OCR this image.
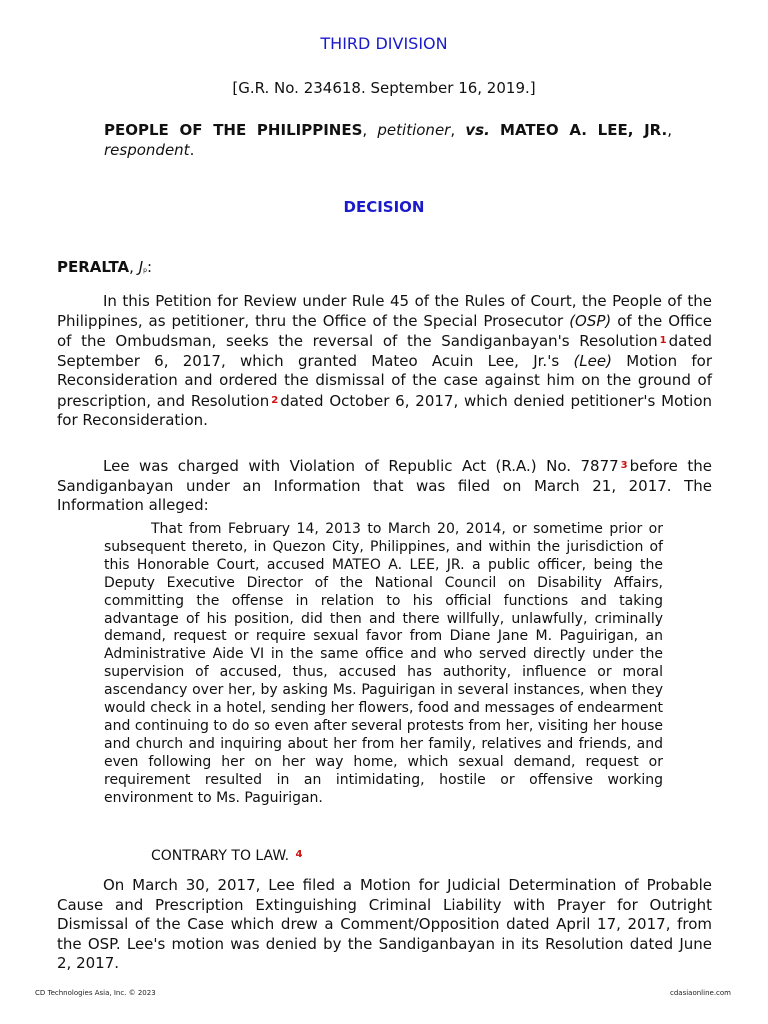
THIRD DIVISION
[G.R. No. 234618. September 16, 2019.]
PEOPLE OF THE PHILIPPINES, petitioner, vs. MATEO A. LEE, JR., respondent.
DECISION
PERALTA, Jp:

In this Petition for Review under Rule 45 of the Rules of Court, the People of the Philippines, as petitioner, thru the Office of the Special Prosecutor (OSP) of the Office of the Ombudsman, seeks the reversal of the Sandiganbayan's Resolution $^1$ dated September 6, 2017, which granted Mateo Acuin Lee, Jr.'s (Lee) Motion for Reconsideration and ordered the dismissal of the case against him on the ground of prescription, and Resolution $^2$ dated October 6, 2017, which denied petitioner's Motion for Reconsideration.

Lee was charged with Violation of Republic Act (R.A.) No. 7877 $^3$ before the Sandiganbayan under an Information that was filed on March 21, 2017. The Information alleged:

That from February 14, 2013 to March 20, 2014, or sometime prior or subsequent thereto, in Quezon City, Philippines, and within the jurisdiction of this Honorable Court, accused MATEO A. LEE, JR. a public officer, being the Deputy Executive Director of the National Council on Disability Affairs, committing the offense in relation to his official functions and taking advantage of his position, did then and there willfully, unlawfully, criminally demand, request or require sexual favor from Diane Jane M. Paguirigan, an Administrative Aide VI in the same office and who served directly under the supervision of accused, thus, accused has authority, influence or moral ascendancy over her, by asking Ms. Paguirigan in several instances, when they would check in a hotel, sending her flowers, food and messages of endearment and continuing to do so even after several protests from her, visiting her house and church and inquiring about her from her family, relatives and friends, and even following her on her way home, which sexual demand, request or requirement resulted in an intimidating, hostile or offensive working environment to Ms. Paguirigan.

CONTRARY TO LAW. $^4$

On March 30, 2017, Lee filed a Motion for Judicial Determination of Probable Cause and Prescription Extinguishing Criminal Liability with Prayer for Outright Dismissal of the Case which drew a Comment/Opposition dated April 17, 2017, from the OSP. Lee's motion was denied by the Sandiganbayan in its Resolution dated June 2, 2017.

CD Technologies Asia, Inc. © 2023	cdasiaonline.com
